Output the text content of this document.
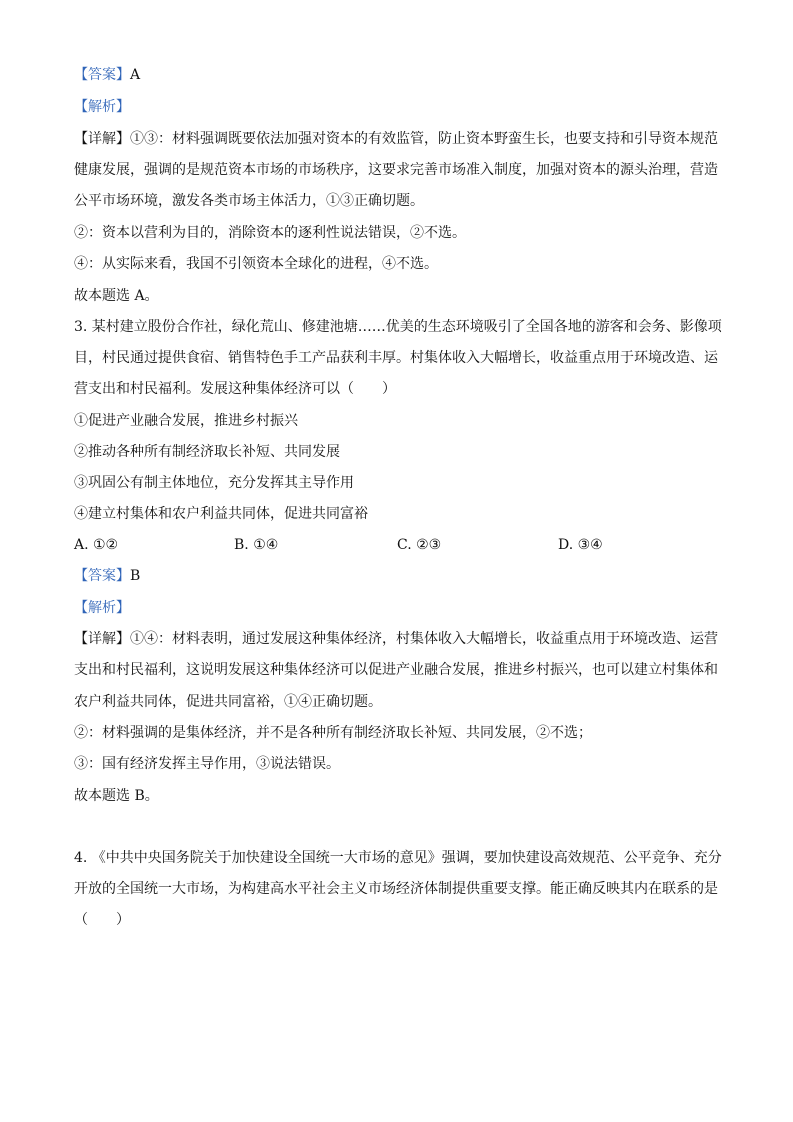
【答案】A
【解析】
【详解】①③：材料强调既要依法加强对资本的有效监管，防止资本野蛮生长，也要支持和引导资本规范
健康发展，强调的是规范资本市场的市场秩序，这要求完善市场准入制度，加强对资本的源头治理，营造
公平市场环境，激发各类市场主体活力，①③正确切题。
②：资本以营利为目的，消除资本的逐利性说法错误，②不选。
④：从实际来看，我国不引领资本全球化的进程，④不选。
故本题选 A。
3. 某村建立股份合作社，绿化荒山、修建池塘……优美的生态环境吸引了全国各地的游客和会务、影像项
目，村民通过提供食宿、销售特色手工产品获利丰厚。村集体收入大幅增长，收益重点用于环境改造、运
营支出和村民福利。发展这种集体经济可以（　　）
①促进产业融合发展，推进乡村振兴
②推动各种所有制经济取长补短、共同发展
③巩固公有制主体地位，充分发挥其主导作用
④建立村集体和农户利益共同体，促进共同富裕
A. ①②	B. ①④	C. ②③	D. ③④
【答案】B
【解析】
【详解】①④：材料表明，通过发展这种集体经济，村集体收入大幅增长，收益重点用于环境改造、运营
支出和村民福利，这说明发展这种集体经济可以促进产业融合发展，推进乡村振兴，也可以建立村集体和
农户利益共同体，促进共同富裕，①④正确切题。
②：材料强调的是集体经济，并不是各种所有制经济取长补短、共同发展，②不选；
③：国有经济发挥主导作用，③说法错误。
故本题选 B。
4. 《中共中央国务院关于加快建设全国统一大市场的意见》强调，要加快建设高效规范、公平竞争、充分
开放的全国统一大市场，为构建高水平社会主义市场经济体制提供重要支撑。能正确反映其内在联系的是
（　　）
